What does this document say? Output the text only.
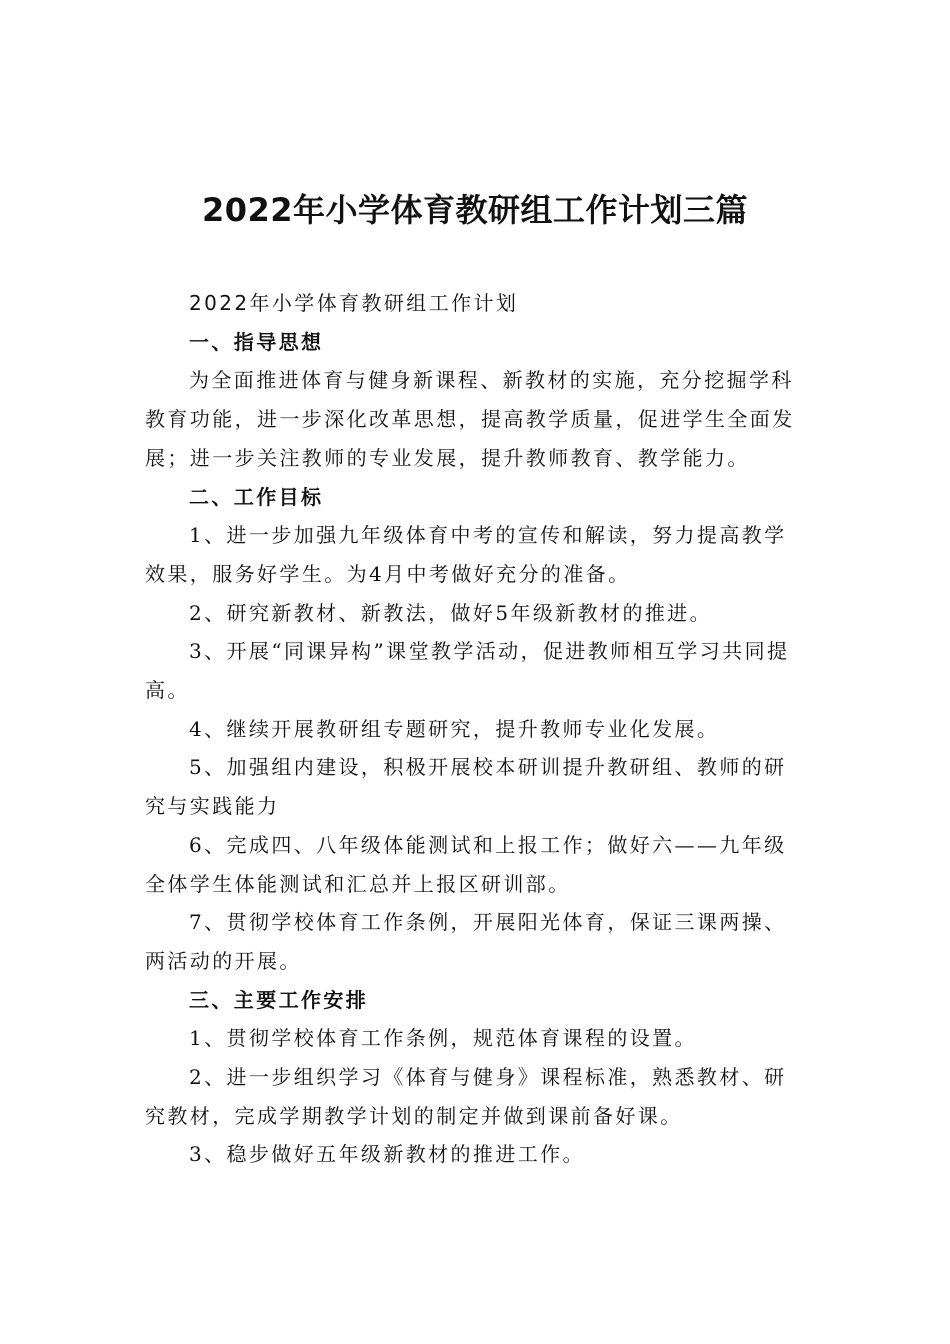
2022年小学体育教研组工作计划三篇

2022年小学体育教研组工作计划

一、指导思想

为全面推进体育与健身新课程、新教材的实施，充分挖掘学科教育功能，进一步深化改革思想，提高教学质量，促进学生全面发展；进一步关注教师的专业发展，提升教师教育、教学能力。

二、工作目标

1、进一步加强九年级体育中考的宣传和解读，努力提高教学效果，服务好学生。为4月中考做好充分的准备。

2、研究新教材、新教法，做好5年级新教材的推进。

3、开展“同课异构”课堂教学活动，促进教师相互学习共同提高。

4、继续开展教研组专题研究，提升教师专业化发展。

5、加强组内建设，积极开展校本研训提升教研组、教师的研究与实践能力

6、完成四、八年级体能测试和上报工作；做好六——九年级全体学生体能测试和汇总并上报区研训部。

7、贯彻学校体育工作条例，开展阳光体育，保证三课两操、两活动的开展。

三、主要工作安排

1、贯彻学校体育工作条例，规范体育课程的设置。

2、进一步组织学习《体育与健身》课程标准，熟悉教材、研究教材，完成学期教学计划的制定并做到课前备好课。

3、稳步做好五年级新教材的推进工作。
